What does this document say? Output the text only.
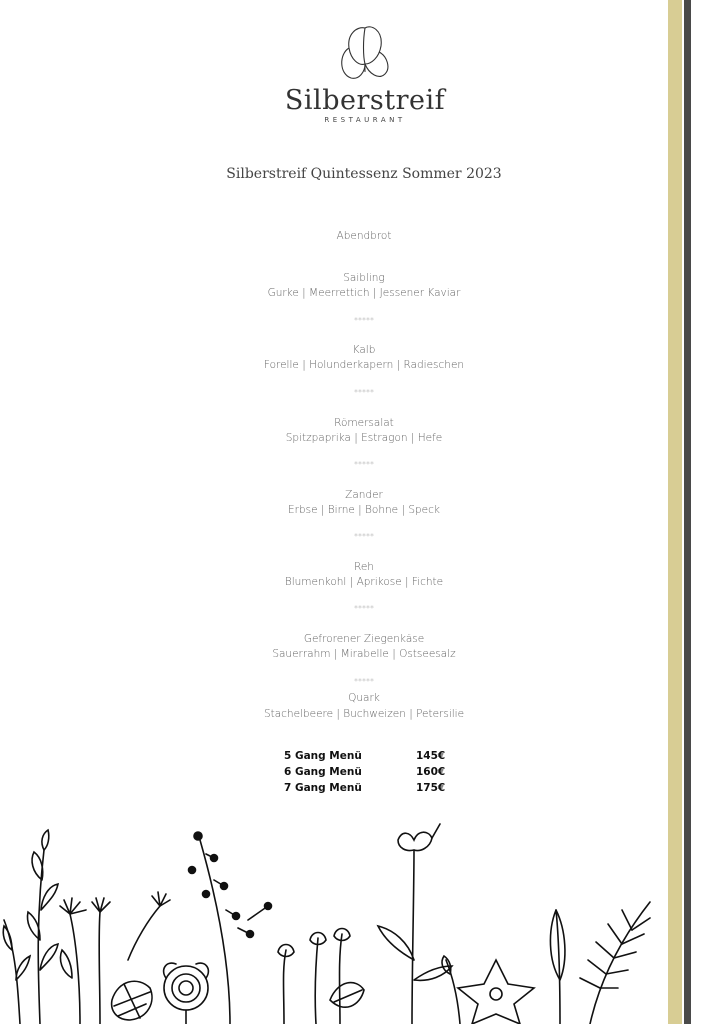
Silberstreif
RESTAURANT
Silberstreif Quintessenz Sommer 2023
Abendbrot
Saibling
Gurke | Meerrettich | Jessener Kaviar
*****
Kalb
Forelle | Holunderkapern | Radieschen
*****
Römersalat
Spitzpaprika | Estragon | Hefe
*****
Zander
Erbse | Birne | Bohne | Speck
*****
Reh
Blumenkohl | Aprikose | Fichte
*****
Gefrorener Ziegenkäse
Sauerrahm | Mirabelle | Ostseesalz
*****
Quark
Stachelbeere | Buchweizen | Petersilie
5 Gang Menü	145€
6 Gang Menü	160€
7 Gang Menü	175€
